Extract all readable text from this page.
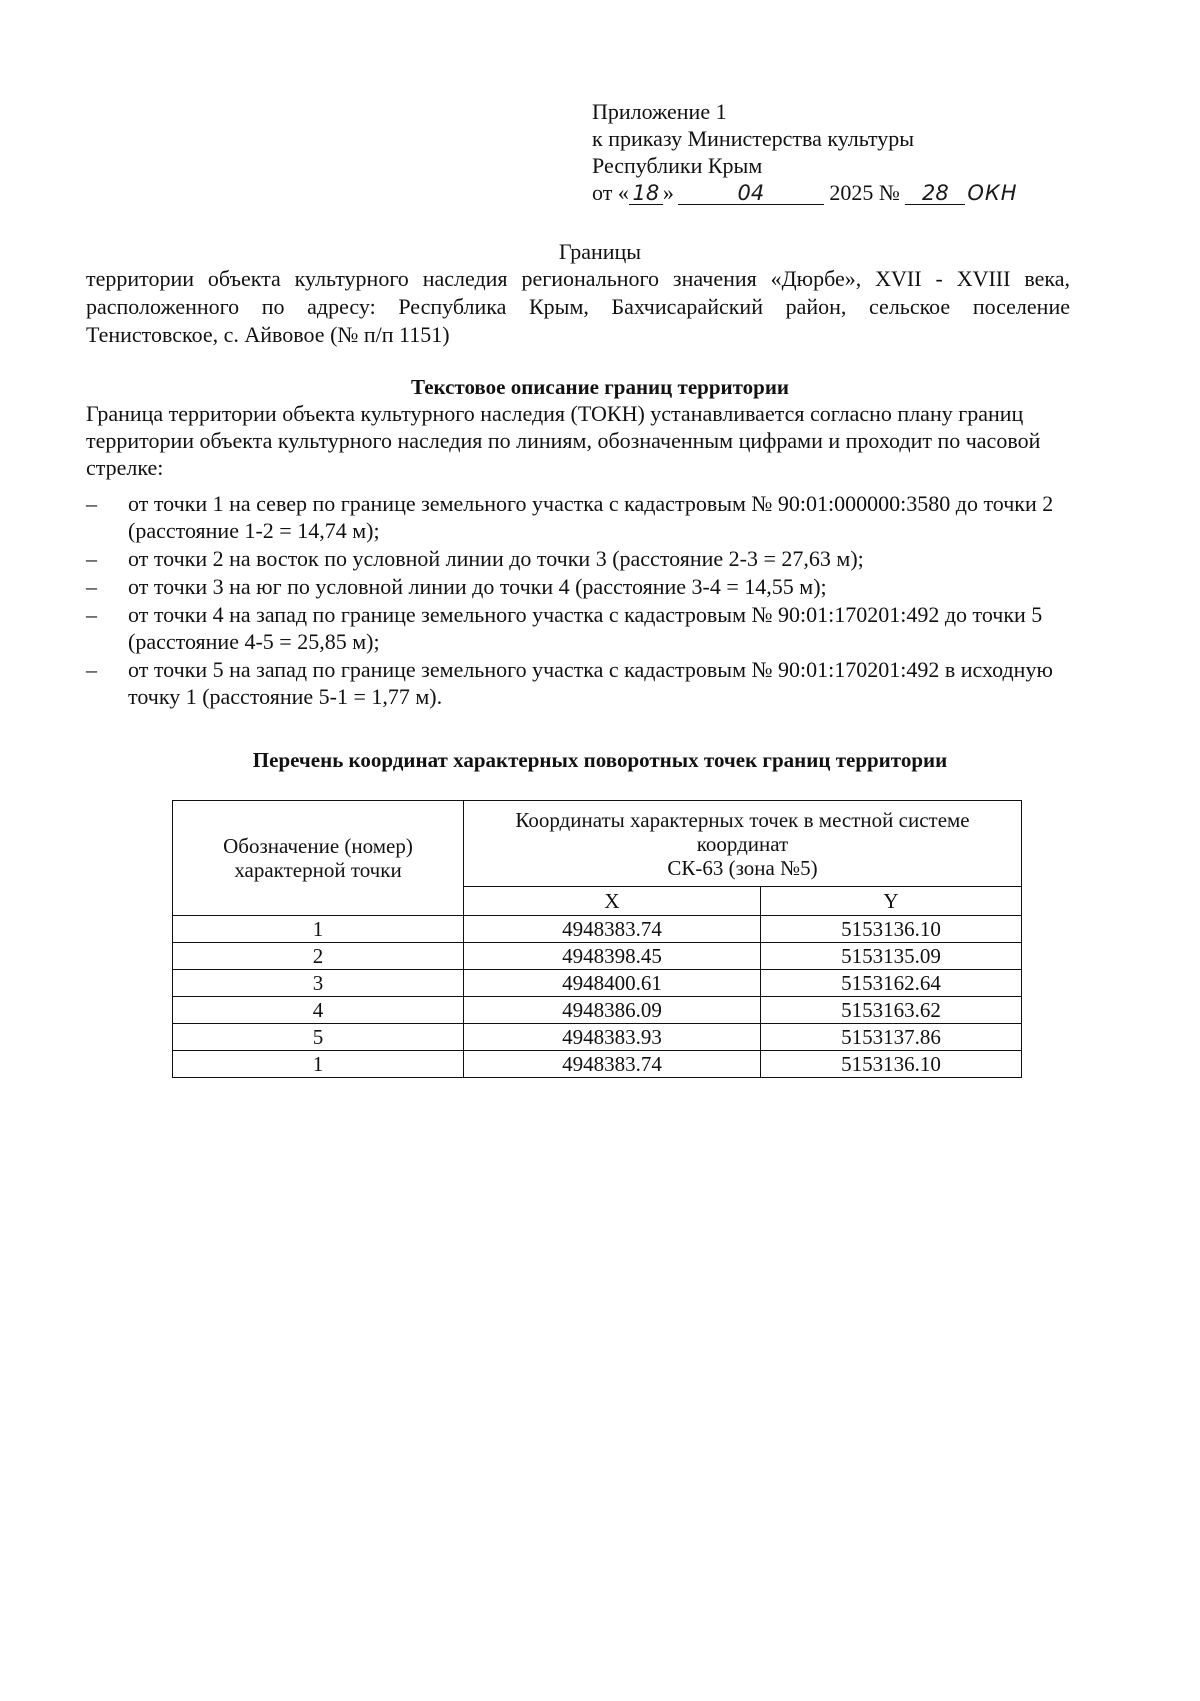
Приложение 1
к приказу Министерства культуры
Республики Крым
от « 18 »	04	2025 № 28 ОКН
Границы
территории объекта культурного наследия регионального значения «Дюрбе», XVII - XVIII века, расположенного по адресу: Республика Крым, Бахчисарайский район, сельское поселение Тенистовское, с. Айвовое (№ п/п 1151)
Текстовое описание границ территории
Граница территории объекта культурного наследия (ТОКН) устанавливается согласно плану границ территории объекта культурного наследия по линиям, обозначенным цифрами и проходит по часовой стрелке:
– от точки 1 на север по границе земельного участка с кадастровым № 90:01:000000:3580 до точки 2 (расстояние 1-2 = 14,74 м);
– от точки 2 на восток по условной линии до точки 3 (расстояние 2-3 = 27,63 м);
– от точки 3 на юг по условной линии до точки 4 (расстояние 3-4 = 14,55 м);
– от точки 4 на запад по границе земельного участка с кадастровым № 90:01:170201:492 до точки 5 (расстояние 4-5 = 25,85 м);
– от точки 5 на запад по границе земельного участка с кадастровым № 90:01:170201:492 в исходную точку 1 (расстояние 5-1 = 1,77 м).
Перечень координат характерных поворотных точек границ территории
Обозначение (номер) характерной точки	Координаты характерных точек в местной системе координат
СК-63 (зона №5)	

	X	Y
1	4948383.74	5153136.10
2	4948398.45	5153135.09
3	4948400.61	5153162.64
4	4948386.09	5153163.62
5	4948383.93	5153137.86
1	4948383.74	5153136.10
